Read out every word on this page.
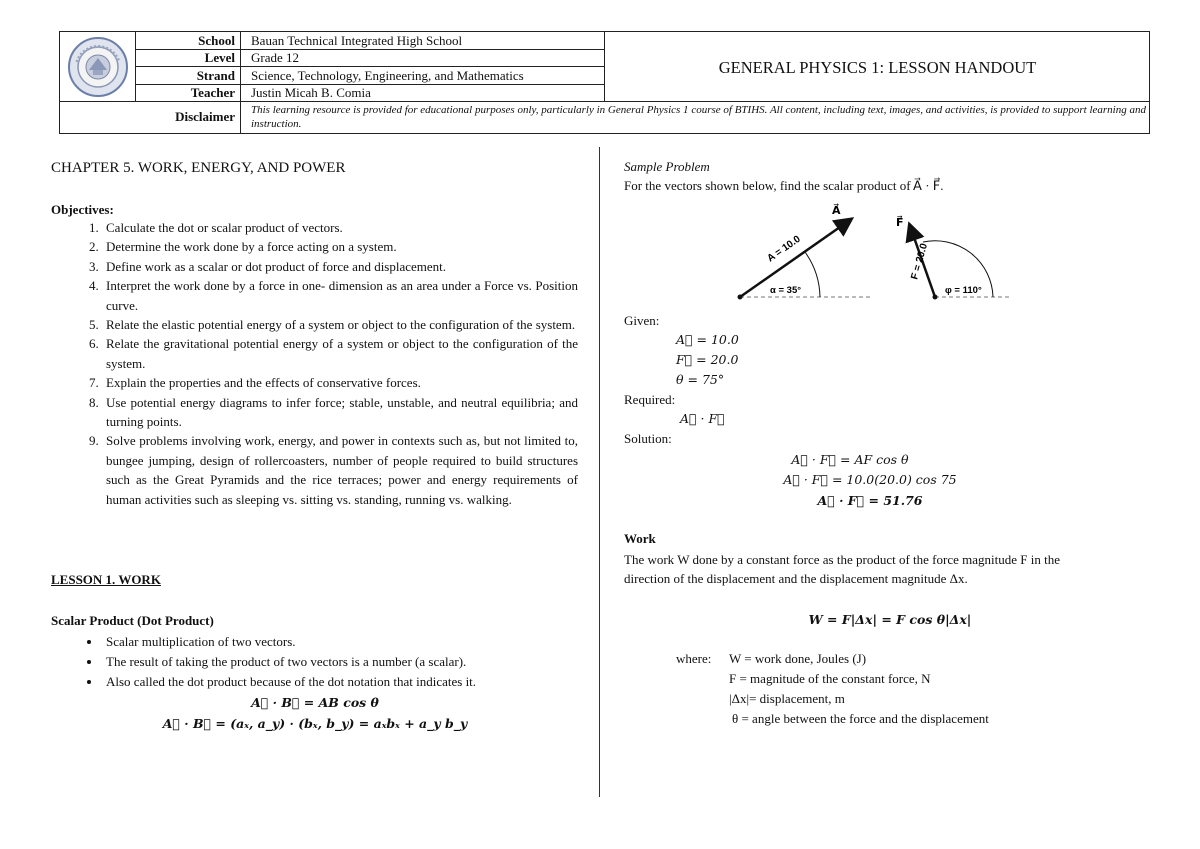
School Bauan Technical Integrated High School
Level Grade 12
Strand Science, Technology, Engineering, and Mathematics
Teacher Justin Micah B. Comia
GENERAL PHYSICS 1: LESSON HANDOUT
Disclaimer This learning resource is provided for educational purposes only, particularly in General Physics 1 course of BTIHS. All content, including text, images, and activities, is provided to support learning and instruction.
CHAPTER 5. WORK, ENERGY, AND POWER
Objectives:
1. Calculate the dot or scalar product of vectors.
2. Determine the work done by a force acting on a system.
3. Define work as a scalar or dot product of force and displacement.
4. Interpret the work done by a force in one- dimension as an area under a Force vs. Position curve.
5. Relate the elastic potential energy of a system or object to the configuration of the system.
6. Relate the gravitational potential energy of a system or object to the configuration of the system.
7. Explain the properties and the effects of conservative forces.
8. Use potential energy diagrams to infer force; stable, unstable, and neutral equilibria; and turning points.
9. Solve problems involving work, energy, and power in contexts such as, but not limited to, bungee jumping, design of rollercoasters, number of people required to build structures such as the Great Pyramids and the rice terraces; power and energy requirements of human activities such as sleeping vs. sitting vs. standing, running vs. walking.
LESSON 1. WORK
Scalar Product (Dot Product)
• Scalar multiplication of two vectors.
• The result of taking the product of two vectors is a number (a scalar).
• Also called the dot product because of the dot notation that indicates it.
A⃗ · B⃗ = AB cos θ
A⃗ · B⃗ = (aₓ, a_y) · (bₓ, b_y) = aₓbₓ + a_y b_y
Sample Problem
For the vectors shown below, find the scalar product of A⃗ · F⃗.
A⃗
A = 10.0
α = 35°
F⃗
F = 20.0
φ = 110°
Given:
A⃗ = 10.0
F⃗ = 20.0
θ = 75°
Required:
A⃗ · F⃗
Solution:
A⃗ · F⃗ = AF cos θ
A⃗ · F⃗ = 10.0(20.0) cos 75
A⃗ · F⃗ = 51.76
Work
The work W done by a constant force as the product of the force magnitude F in the
direction of the displacement and the displacement magnitude Δx.
W = F|Δx| = F cos θ|Δx|
where: W = work done, Joules (J)
F = magnitude of the constant force, N
|Δx|= displacement, m
θ = angle between the force and the displacement
